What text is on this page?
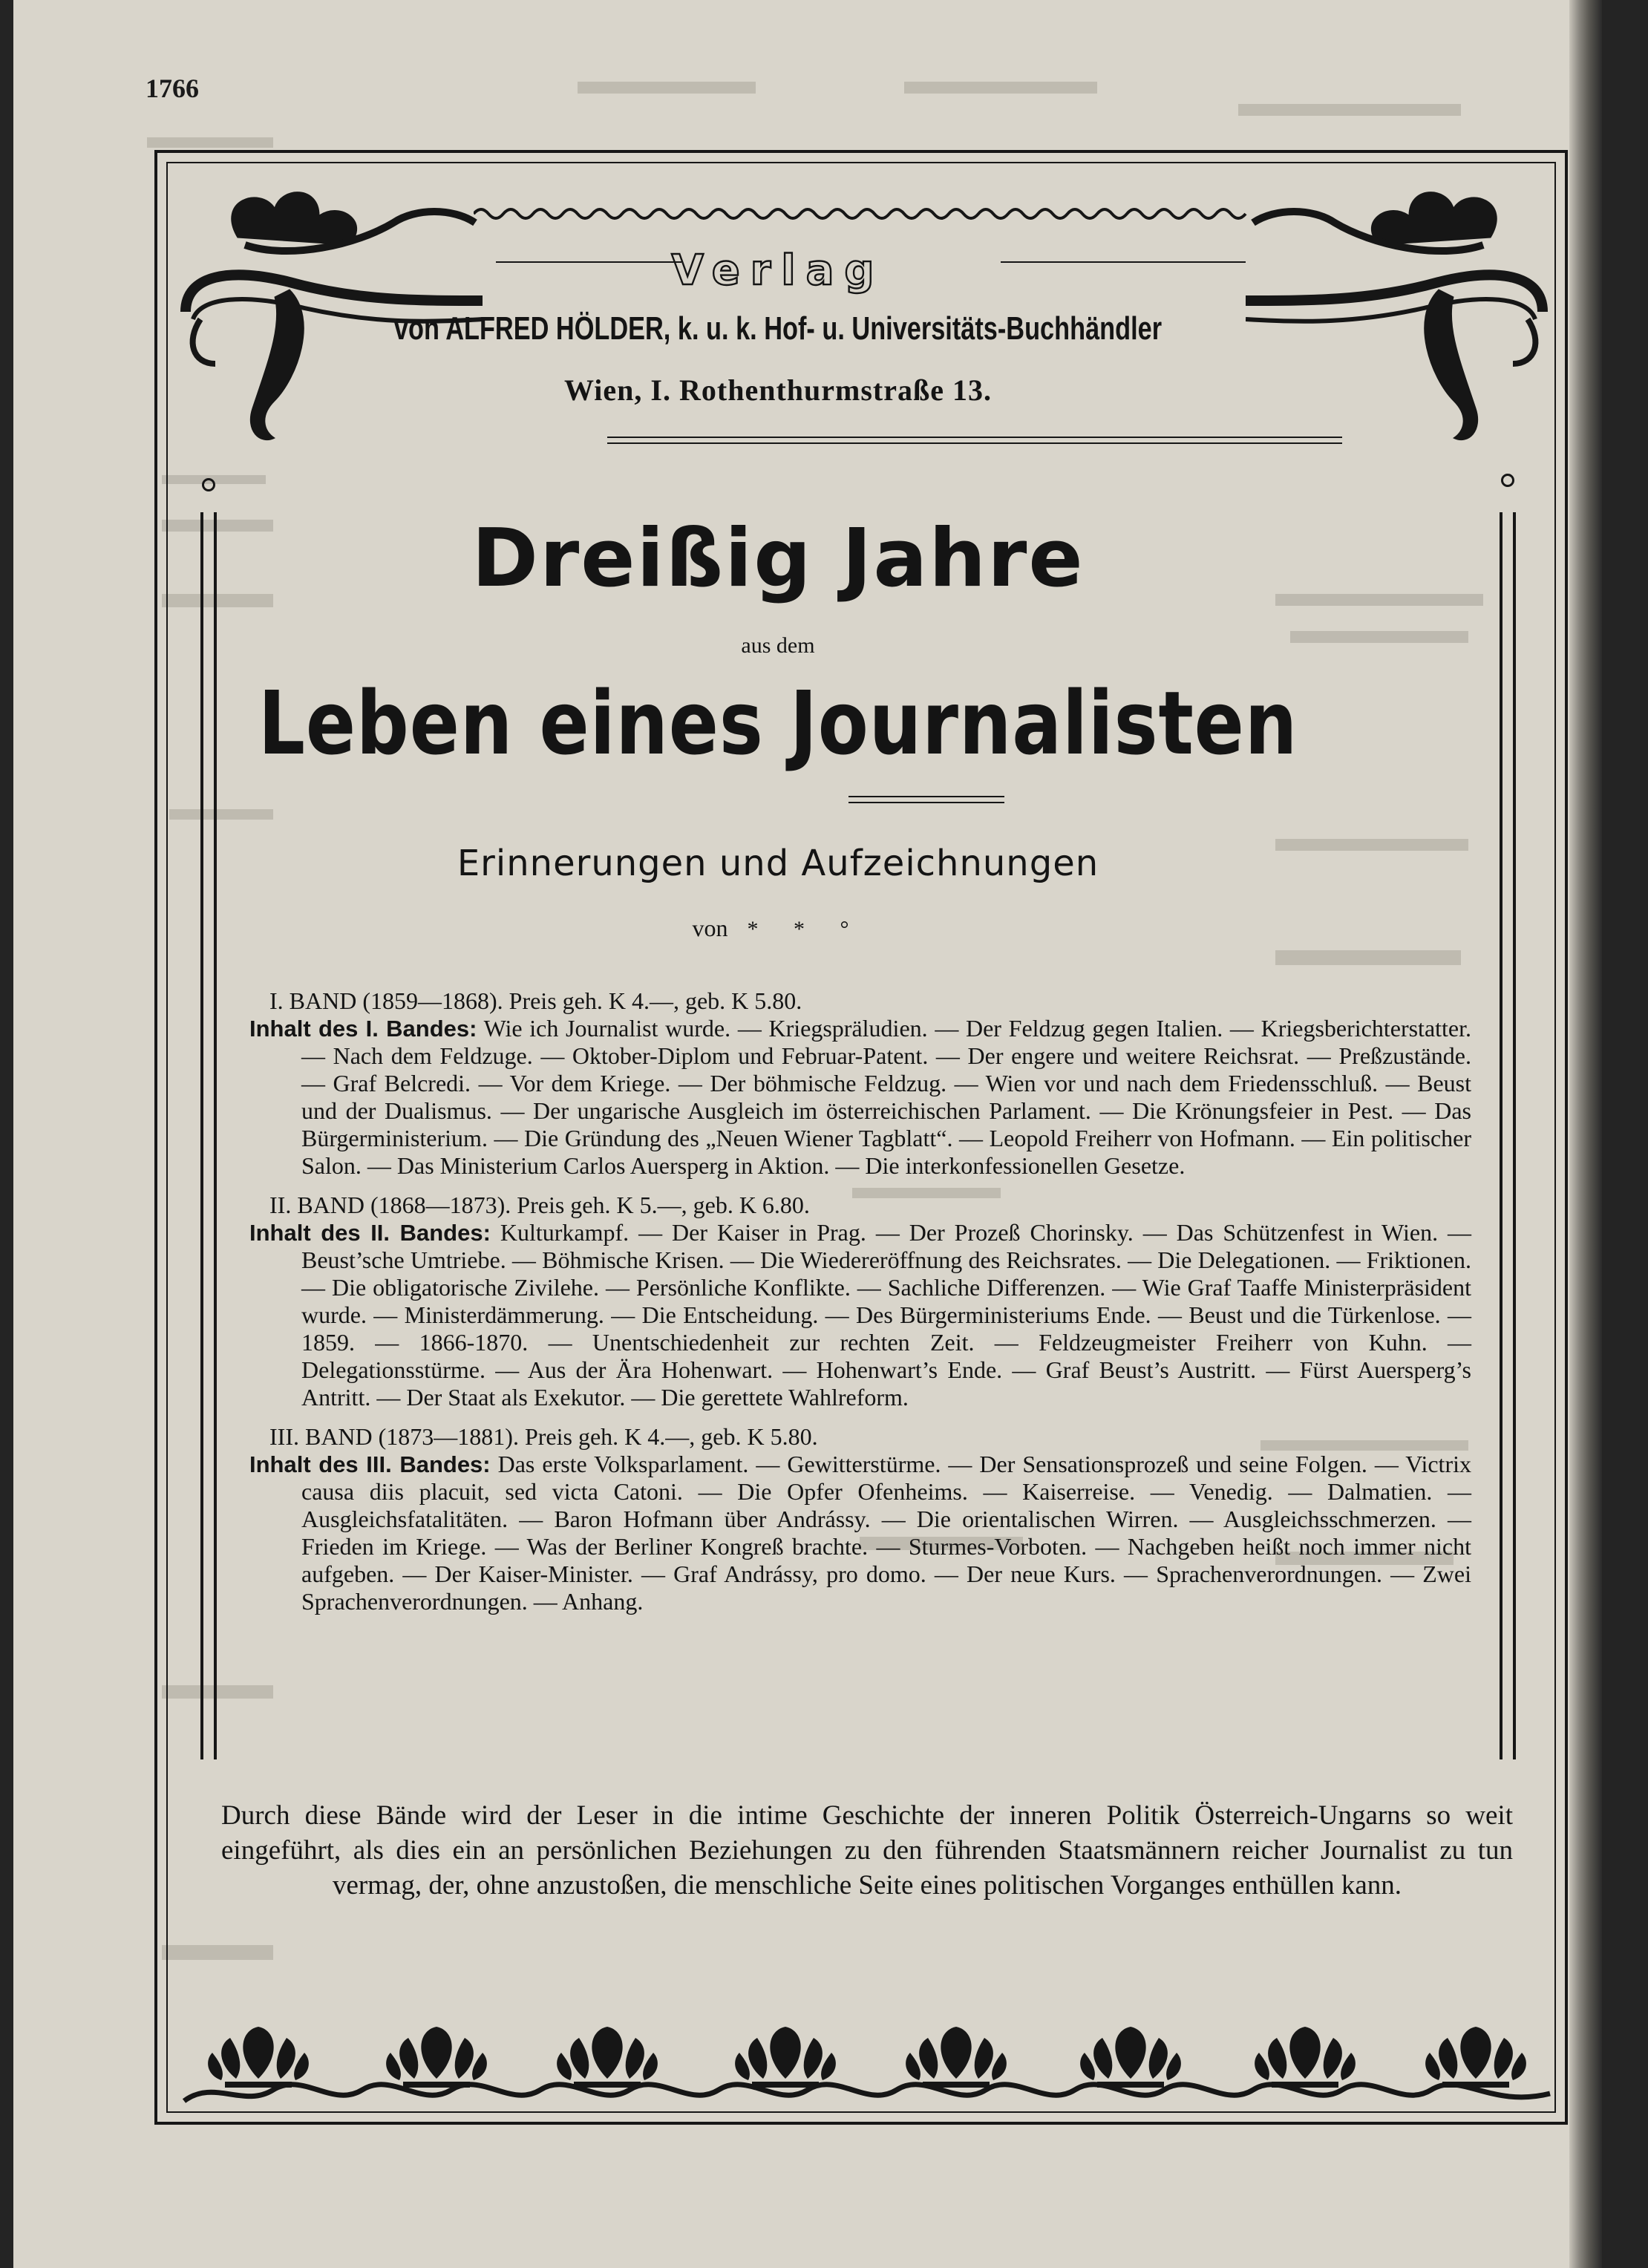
1766
Verlag
von ALFRED HÖLDER, k. u. k. Hof- u. Universitäts-Buchhändler
Wien, I. Rothenthurmstraße 13.
Dreißig Jahre
aus dem
Leben eines Journalisten
Erinnerungen und Aufzeichnungen
von * * °
I. BAND (1859—1868). Preis geh. K 4.—, geb. K 5.80.
Inhalt des I. Bandes: Wie ich Journalist wurde. — Kriegspräludien. — Der Feldzug gegen Italien. — Kriegsberichterstatter. — Nach dem Feldzuge. — Oktober-Diplom und Februar-Patent. — Der engere und weitere Reichsrat. — Preßzustände. — Graf Belcredi. — Vor dem Kriege. — Der böhmische Feldzug. — Wien vor und nach dem Friedensschluß. — Beust und der Dualismus. — Der ungarische Ausgleich im österreichischen Parlament. — Die Krönungsfeier in Pest. — Das Bürgerministerium. — Die Gründung des „Neuen Wiener Tagblatt“. — Leopold Freiherr von Hofmann. — Ein politischer Salon. — Das Ministerium Carlos Auersperg in Aktion. — Die interkonfessionellen Gesetze.
II. BAND (1868—1873). Preis geh. K 5.—, geb. K 6.80.
Inhalt des II. Bandes: Kulturkampf. — Der Kaiser in Prag. — Der Prozeß Chorinsky. — Das Schützenfest in Wien. — Beust’sche Umtriebe. — Böhmische Krisen. — Die Wiedereröffnung des Reichsrates. — Die Delegationen. — Friktionen. — Die obligatorische Zivilehe. — Persönliche Konflikte. — Sachliche Differenzen. — Wie Graf Taaffe Ministerpräsident wurde. — Ministerdämmerung. — Die Entscheidung. — Des Bürgerministeriums Ende. — Beust und die Türkenlose. — 1859. — 1866-1870. — Unentschiedenheit zur rechten Zeit. — Feldzeugmeister Freiherr von Kuhn. — Delegationsstürme. — Aus der Ära Hohenwart. — Hohenwart’s Ende. — Graf Beust’s Austritt. — Fürst Auersperg’s Antritt. — Der Staat als Exekutor. — Die gerettete Wahlreform.
III. BAND (1873—1881). Preis geh. K 4.—, geb. K 5.80.
Inhalt des III. Bandes: Das erste Volksparlament. — Gewitterstürme. — Der Sensationsprozeß und seine Folgen. — Victrix causa diis placuit, sed victa Catoni. — Die Opfer Ofenheims. — Kaiserreise. — Venedig. — Dalmatien. — Ausgleichsfatalitäten. — Baron Hofmann über Andrássy. — Die orientalischen Wirren. — Ausgleichsschmerzen. — Frieden im Kriege. — Was der Berliner Kongreß brachte. — Sturmes-Vorboten. — Nachgeben heißt noch immer nicht aufgeben. — Der Kaiser-Minister. — Graf Andrássy, pro domo. — Der neue Kurs. — Sprachenverordnungen. — Zwei Sprachenverordnungen. — Anhang.
Durch diese Bände wird der Leser in die intime Geschichte der inneren Politik Österreich-Ungarns so weit eingeführt, als dies ein an persönlichen Beziehungen zu den führenden Staatsmännern reicher Journalist zu tun vermag, der, ohne anzustoßen, die menschliche Seite eines politischen Vorganges enthüllen kann.
